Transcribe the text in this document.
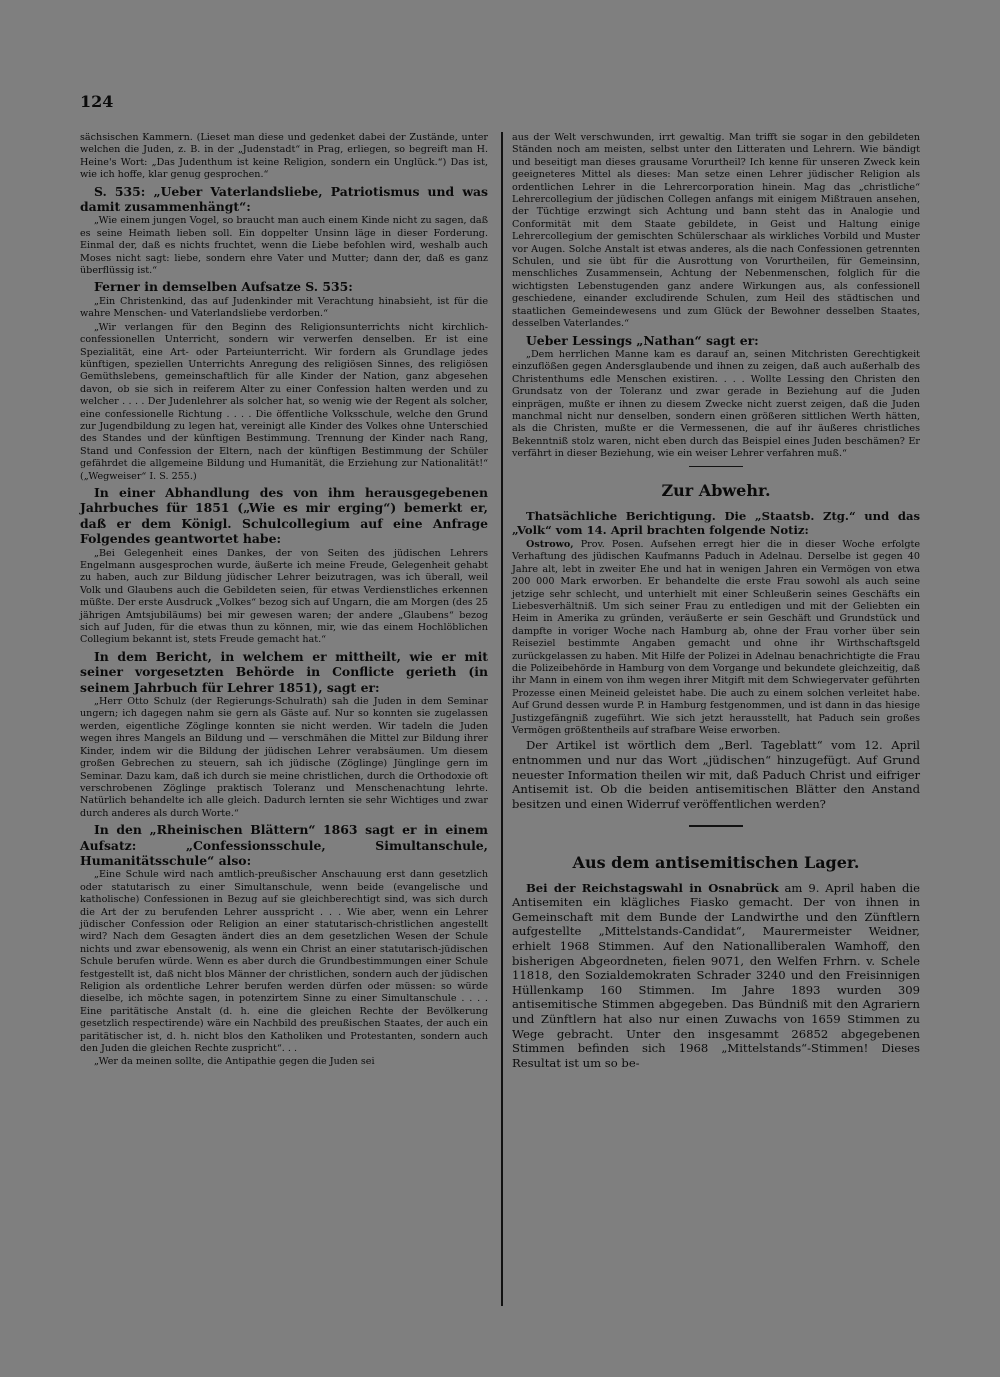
124

sächsischen Kammern. (Lieset man diese und gedenket dabei der Zustände, unter welchen die Juden, z. B. in der „Judenstadt“ in Prag, erliegen, so begreift man H. Heine's Wort: „Das Judenthum ist keine Religion, sondern ein Unglück.“) Das ist, wie ich hoffe, klar genug gesprochen.“

S. 535: „Ueber Vaterlandsliebe, Patriotismus und was damit zusammenhängt“:

„Wie einem jungen Vogel, so braucht man auch einem Kinde nicht zu sagen, daß es seine Heimath lieben soll. Ein doppelter Unsinn läge in dieser Forderung. Einmal der, daß es nichts fruchtet, wenn die Liebe befohlen wird, weshalb auch Moses nicht sagt: liebe, sondern ehre Vater und Mutter; dann der, daß es ganz überflüssig ist.“

Ferner in demselben Aufsatze S. 535:

„Ein Christenkind, das auf Judenkinder mit Verachtung hinabsieht, ist für die wahre Menschen- und Vaterlandsliebe verdorben.“

„Wir verlangen für den Beginn des Religionsunterrichts nicht kirchlich-confessionellen Unterricht, sondern wir verwerfen denselben. Er ist eine Spezialität, eine Art- oder Parteiunterricht. Wir fordern als Grundlage jedes künftigen, speziellen Unterrichts Anregung des religiösen Sinnes, des religiösen Gemüthslebens, gemeinschaftlich für alle Kinder der Nation, ganz abgesehen davon, ob sie sich in reiferem Alter zu einer Confession halten werden und zu welcher . . . . Der Judenlehrer als solcher hat, so wenig wie der Regent als solcher, eine confessionelle Richtung . . . . Die öffentliche Volksschule, welche den Grund zur Jugendbildung zu legen hat, vereinigt alle Kinder des Volkes ohne Unterschied des Standes und der künftigen Bestimmung. Trennung der Kinder nach Rang, Stand und Confession der Eltern, nach der künftigen Bestimmung der Schüler gefährdet die allgemeine Bildung und Humanität, die Erziehung zur Nationalität!“ („Wegweiser“ I. S. 255.)

In einer Abhandlung des von ihm herausgegebenen Jahrbuches für 1851 („Wie es mir erging“) bemerkt er, daß er dem Königl. Schulcollegium auf eine Anfrage Folgendes geantwortet habe:

„Bei Gelegenheit eines Dankes, der von Seiten des jüdischen Lehrers Engelmann ausgesprochen wurde, äußerte ich meine Freude, Gelegenheit gehabt zu haben, auch zur Bildung jüdischer Lehrer beizutragen, was ich überall, weil Volk und Glaubens auch die Gebildeten seien, für etwas Verdienstliches erkennen müßte. Der erste Ausdruck „Volkes“ bezog sich auf Ungarn, die am Morgen (des 25 jährigen Amtsjubiläums) bei mir gewesen waren; der andere „Glaubens“ bezog sich auf Juden, für die etwas thun zu können, mir, wie das einem Hochlöblichen Collegium bekannt ist, stets Freude gemacht hat.“

In dem Bericht, in welchem er mittheilt, wie er mit seiner vorgesetzten Behörde in Conflicte gerieth (in seinem Jahrbuch für Lehrer 1851), sagt er:

„Herr Otto Schulz (der Regierungs-Schulrath) sah die Juden in dem Seminar ungern; ich dagegen nahm sie gern als Gäste auf. Nur so konnten sie zugelassen werden, eigentliche Zöglinge konnten sie nicht werden. Wir tadeln die Juden wegen ihres Mangels an Bildung und — verschmähen die Mittel zur Bildung ihrer Kinder, indem wir die Bildung der jüdischen Lehrer verabsäumen. Um diesem großen Gebrechen zu steuern, sah ich jüdische (Zöglinge) Jünglinge gern im Seminar. Dazu kam, daß ich durch sie meine christlichen, durch die Orthodoxie oft verschrobenen Zöglinge praktisch Toleranz und Menschenachtung lehrte. Natürlich behandelte ich alle gleich. Dadurch lernten sie sehr Wichtiges und zwar durch anderes als durch Worte.“

In den „Rheinischen Blättern“ 1863 sagt er in einem Aufsatz: „Confessionsschule, Simultanschule, Humanitätsschule“ also:

„Eine Schule wird nach amtlich-preußischer Anschauung erst dann gesetzlich oder statutarisch zu einer Simultanschule, wenn beide (evangelische und katholische) Confessionen in Bezug auf sie gleichberechtigt sind, was sich durch die Art der zu berufenden Lehrer ausspricht . . . Wie aber, wenn ein Lehrer jüdischer Confession oder Religion an einer statutarisch-christlichen angestellt wird? Nach dem Gesagten ändert dies an dem gesetzlichen Wesen der Schule nichts und zwar ebensowenig, als wenn ein Christ an einer statutarisch-jüdischen Schule berufen würde. Wenn es aber durch die Grundbestimmungen einer Schule festgestellt ist, daß nicht blos Männer der christlichen, sondern auch der jüdischen Religion als ordentliche Lehrer berufen werden dürfen oder müssen: so würde dieselbe, ich möchte sagen, in potenzirtem Sinne zu einer Simultanschule . . . . Eine paritätische Anstalt (d. h. eine die gleichen Rechte der Bevölkerung gesetzlich respectirende) wäre ein Nachbild des preußischen Staates, der auch ein paritätischer ist, d. h. nicht blos den Katholiken und Protestanten, sondern auch den Juden die gleichen Rechte zuspricht“. . .

„Wer da meinen sollte, die Antipathie gegen die Juden sei

aus der Welt verschwunden, irrt gewaltig. Man trifft sie sogar in den gebildeten Ständen noch am meisten, selbst unter den Litteraten und Lehrern. Wie bändigt und beseitigt man dieses grausame Vorurtheil? Ich kenne für unseren Zweck kein geeigneteres Mittel als dieses: Man setze einen Lehrer jüdischer Religion als ordentlichen Lehrer in die Lehrercorporation hinein. Mag das „christliche“ Lehrercollegium der jüdischen Collegen anfangs mit einigem Mißtrauen ansehen, der Tüchtige erzwingt sich Achtung und bann steht das in Analogie und Conformität mit dem Staate gebildete, in Geist und Haltung einige Lehrercollegium der gemischten Schülerschaar als wirkliches Vorbild und Muster vor Augen. Solche Anstalt ist etwas anderes, als die nach Confessionen getrennten Schulen, und sie übt für die Ausrottung von Vorurtheilen, für Gemeinsinn, menschliches Zusammensein, Achtung der Nebenmenschen, folglich für die wichtigsten Lebenstugenden ganz andere Wirkungen aus, als confessionell geschiedene, einander excludirende Schulen, zum Heil des städtischen und staatlichen Gemeindewesens und zum Glück der Bewohner desselben Staates, desselben Vaterlandes.“

Ueber Lessings „Nathan“ sagt er:

„Dem herrlichen Manne kam es darauf an, seinen Mitchristen Gerechtigkeit einzuflößen gegen Andersglaubende und ihnen zu zeigen, daß auch außerhalb des Christenthums edle Menschen existiren. . . . Wollte Lessing den Christen den Grundsatz von der Toleranz und zwar gerade in Beziehung auf die Juden einprägen, mußte er ihnen zu diesem Zwecke nicht zuerst zeigen, daß die Juden manchmal nicht nur denselben, sondern einen größeren sittlichen Werth hätten, als die Christen, mußte er die Vermessenen, die auf ihr äußeres christliches Bekenntniß stolz waren, nicht eben durch das Beispiel eines Juden beschämen? Er verfährt in dieser Beziehung, wie ein weiser Lehrer verfahren muß.“

Zur Abwehr.

Thatsächliche Berichtigung. Die „Staatsb. Ztg.“ und das „Volk“ vom 14. April brachten folgende Notiz:

Ostrowo, Prov. Posen. Aufsehen erregt hier die in dieser Woche erfolgte Verhaftung des jüdischen Kaufmanns Paduch in Adelnau. Derselbe ist gegen 40 Jahre alt, lebt in zweiter Ehe und hat in wenigen Jahren ein Vermögen von etwa 200 000 Mark erworben. Er behandelte die erste Frau sowohl als auch seine jetzige sehr schlecht, und unterhielt mit einer Schleußerin seines Geschäfts ein Liebesverhältniß. Um sich seiner Frau zu entledigen und mit der Geliebten ein Heim in Amerika zu gründen, veräußerte er sein Geschäft und Grundstück und dampfte in voriger Woche nach Hamburg ab, ohne der Frau vorher über sein Reiseziel bestimmte Angaben gemacht und ohne ihr Wirthschaftsgeld zurückgelassen zu haben. Mit Hilfe der Polizei in Adelnau benachrichtigte die Frau die Polizeibehörde in Hamburg von dem Vorgange und bekundete gleichzeitig, daß ihr Mann in einem von ihm wegen ihrer Mitgift mit dem Schwiegervater geführten Prozesse einen Meineid geleistet habe. Die auch zu einem solchen verleitet habe. Auf Grund dessen wurde P. in Hamburg festgenommen, und ist dann in das hiesige Justizgefängniß zugeführt. Wie sich jetzt herausstellt, hat Paduch sein großes Vermögen größtentheils auf strafbare Weise erworben.

Der Artikel ist wörtlich dem „Berl. Tageblatt“ vom 12. April entnommen und nur das Wort „jüdischen“ hinzugefügt. Auf Grund neuester Information theilen wir mit, daß Paduch Christ und eifriger Antisemit ist. Ob die beiden antisemitischen Blätter den Anstand besitzen und einen Widerruf veröffentlichen werden?

Aus dem antisemitischen Lager.

Bei der Reichstagswahl in Osnabrück am 9. April haben die Antisemiten ein klägliches Fiasko gemacht. Der von ihnen in Gemeinschaft mit dem Bunde der Landwirthe und den Zünftlern aufgestellte „Mittelstands-Candidat“, Maurermeister Weidner, erhielt 1968 Stimmen. Auf den Nationalliberalen Wamhoff, den bisherigen Abgeordneten, fielen 9071, den Welfen Frhrn. v. Schele 11818, den Sozialdemokraten Schrader 3240 und den Freisinnigen Hüllenkamp 160 Stimmen. Im Jahre 1893 wurden 309 antisemitische Stimmen abgegeben. Das Bündniß mit den Agrariern und Zünftlern hat also nur einen Zuwachs von 1659 Stimmen zu Wege gebracht. Unter den insgesammt 26852 abgegebenen Stimmen befinden sich 1968 „Mittelstands“-Stimmen! Dieses Resultat ist um so be-
